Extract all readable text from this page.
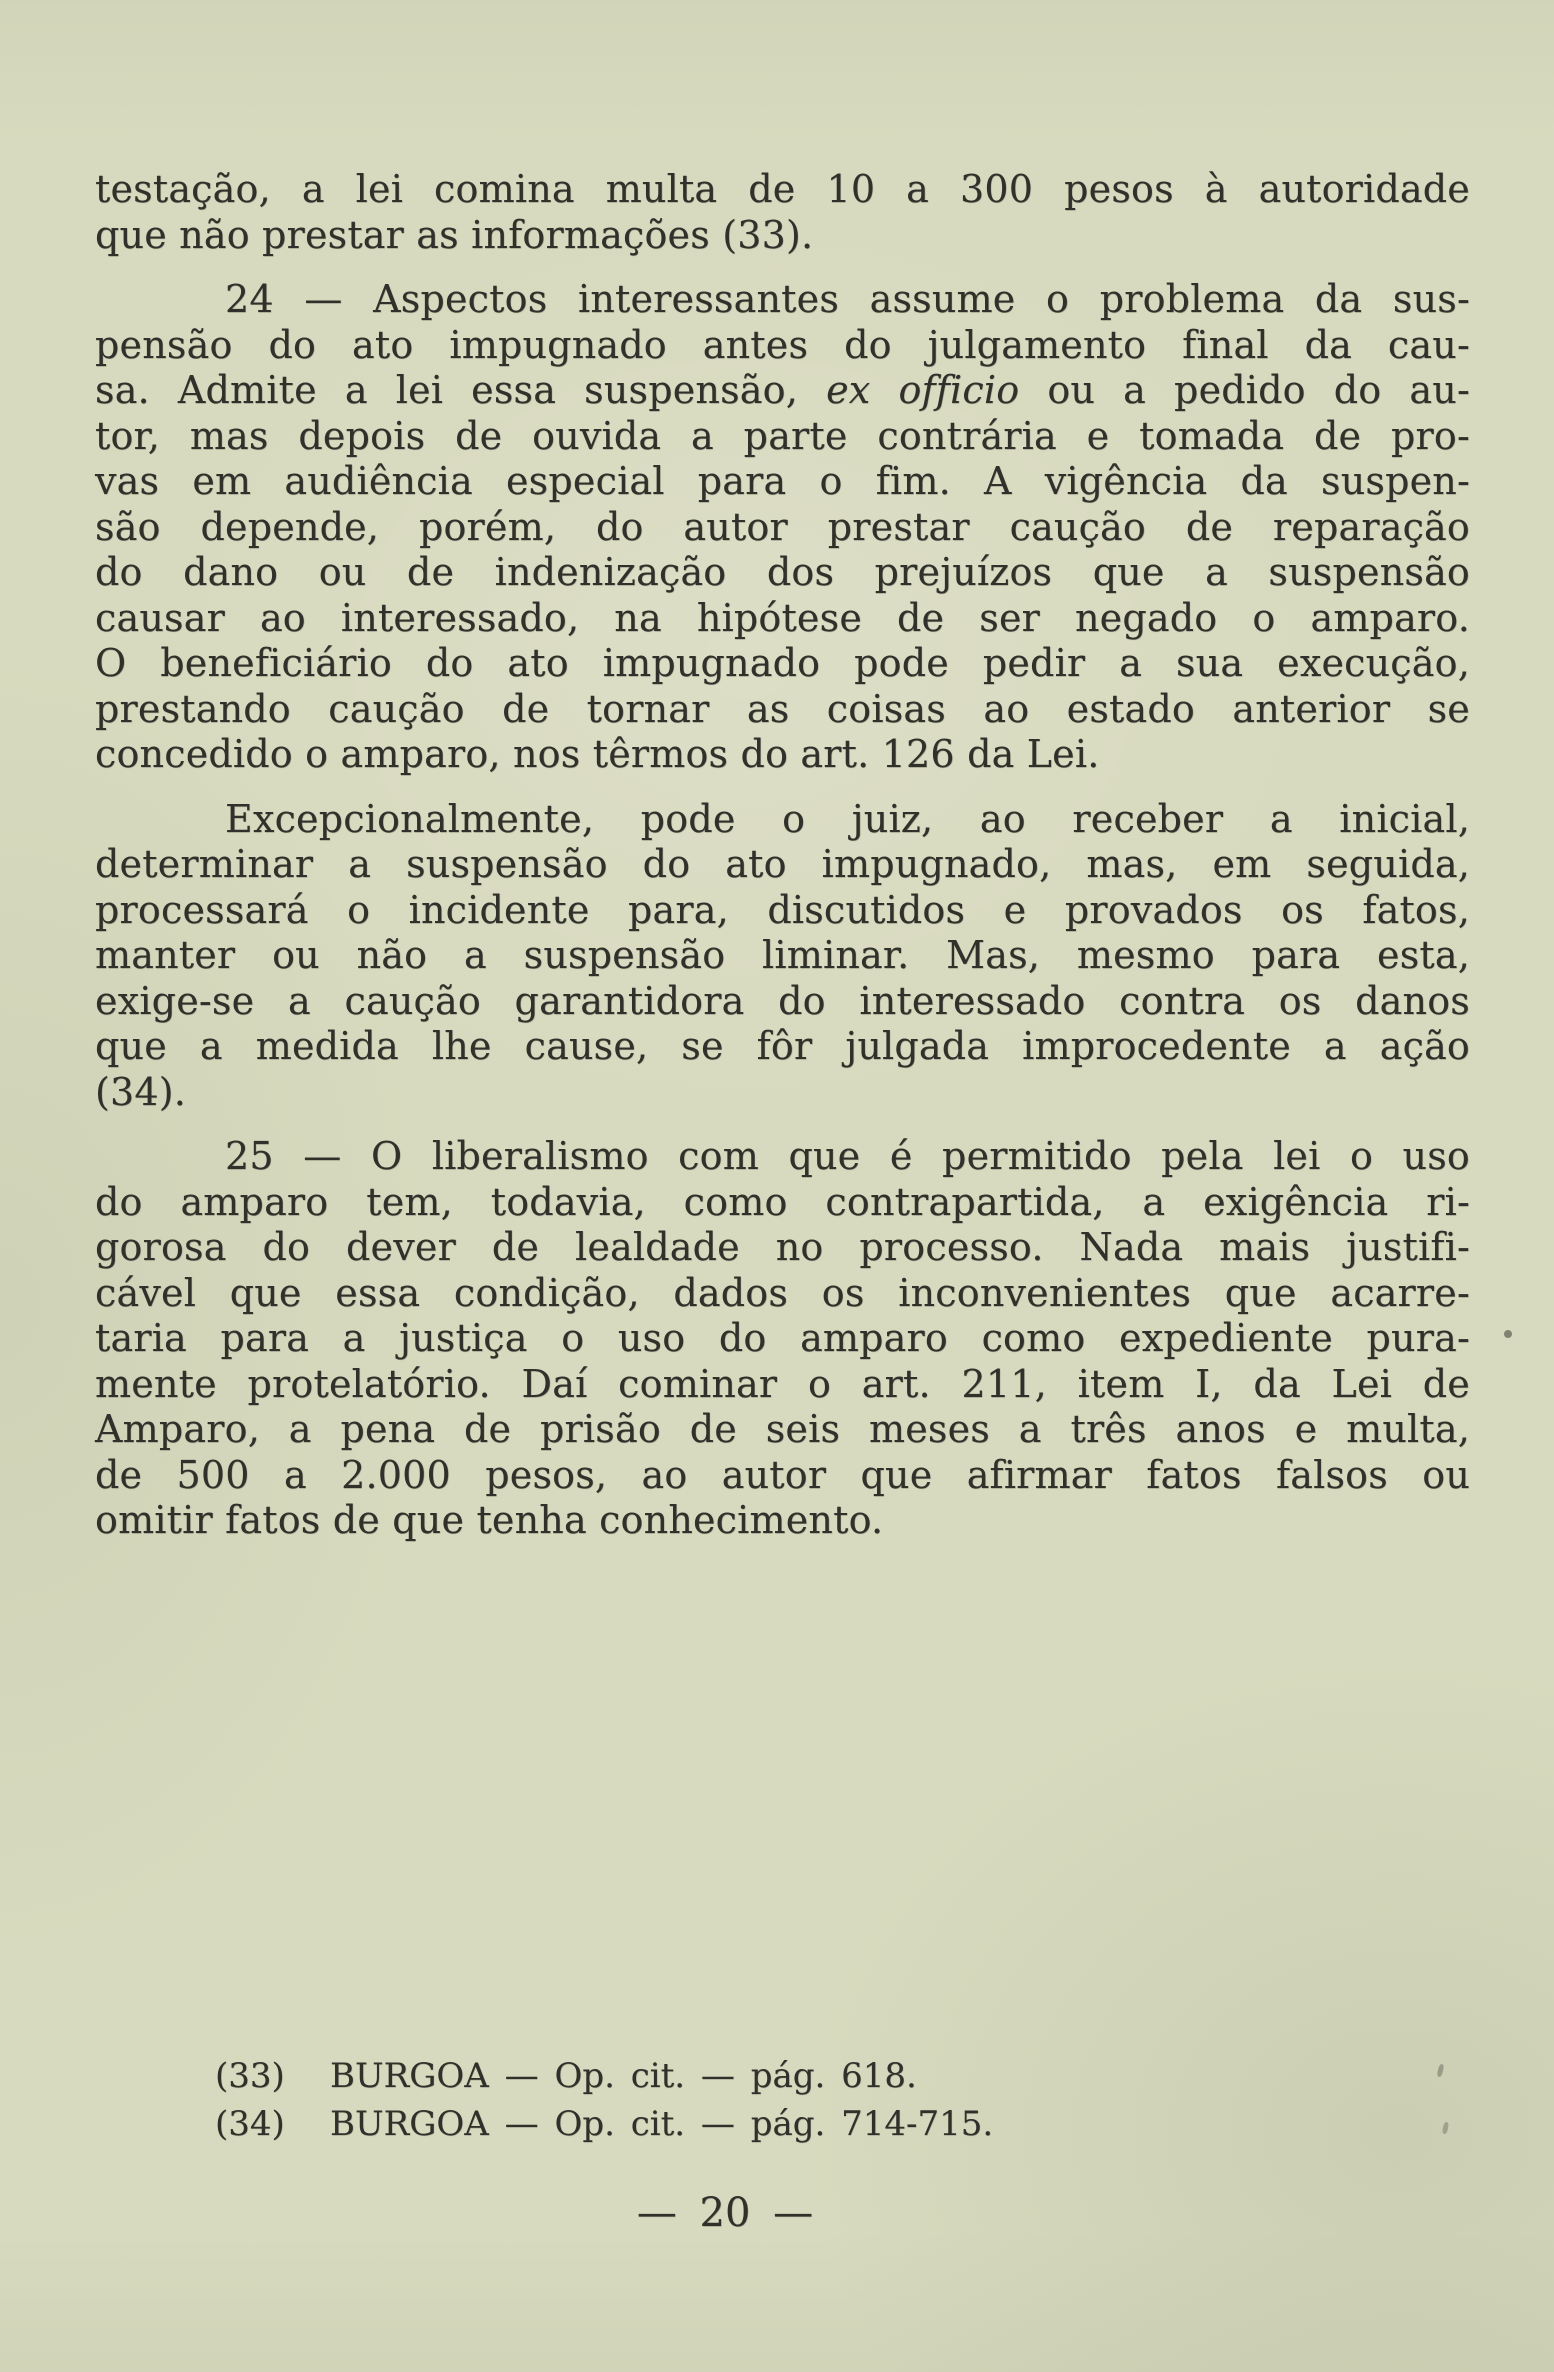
testação, a lei comina multa de 10 a 300 pesos à autoridade
que não prestar as informações (33).
24 — Aspectos interessantes assume o problema da sus-
pensão do ato impugnado antes do julgamento final da cau-
sa. Admite a lei essa suspensão, ex officio ou a pedido do au-
tor, mas depois de ouvida a parte contrária e tomada de pro-
vas em audiência especial para o fim. A vigência da suspen-
são depende, porém, do autor prestar caução de reparação
do dano ou de indenização dos prejuízos que a suspensão
causar ao interessado, na hipótese de ser negado o amparo.
O beneficiário do ato impugnado pode pedir a sua execução,
prestando caução de tornar as coisas ao estado anterior se
concedido o amparo, nos têrmos do art. 126 da Lei.
Excepcionalmente, pode o juiz, ao receber a inicial,
determinar a suspensão do ato impugnado, mas, em seguida,
processará o incidente para, discutidos e provados os fatos,
manter ou não a suspensão liminar. Mas, mesmo para esta,
exige-se a caução garantidora do interessado contra os danos
que a medida lhe cause, se fôr julgada improcedente a ação
(34).
25 — O liberalismo com que é permitido pela lei o uso
do amparo tem, todavia, como contrapartida, a exigência ri-
gorosa do dever de lealdade no processo. Nada mais justifi-
cável que essa condição, dados os inconvenientes que acarre-
taria para a justiça o uso do amparo como expediente pura-
mente protelatório. Daí cominar o art. 211, item I, da Lei de
Amparo, a pena de prisão de seis meses a três anos e multa,
de 500 a 2.000 pesos, ao autor que afirmar fatos falsos ou
omitir fatos de que tenha conhecimento.
(33) BURGOA — Op. cit. — pág. 618.
(34) BURGOA — Op. cit. — pág. 714-715.
— 20 —
